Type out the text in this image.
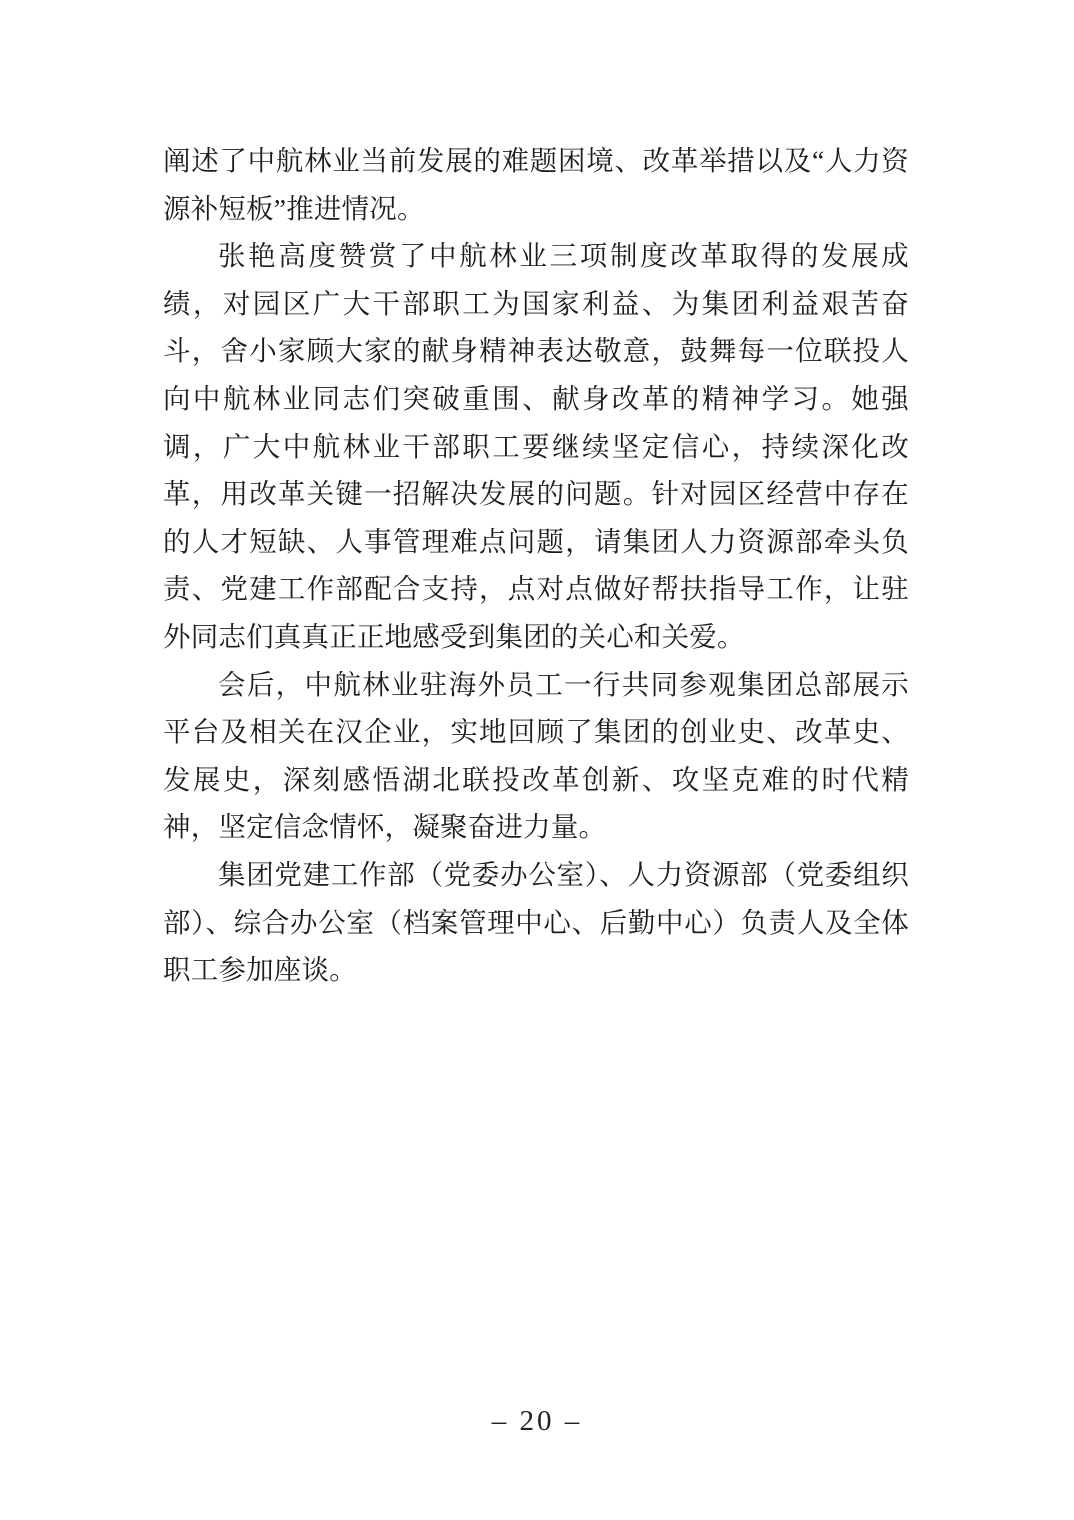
阐述了中航林业当前发展的难题困境、改革举措以及“人力资源补短板”推进情况。

张艳高度赞赏了中航林业三项制度改革取得的发展成绩，对园区广大干部职工为国家利益、为集团利益艰苦奋斗，舍小家顾大家的献身精神表达敬意，鼓舞每一位联投人向中航林业同志们突破重围、献身改革的精神学习。她强调，广大中航林业干部职工要继续坚定信心，持续深化改革，用改革关键一招解决发展的问题。针对园区经营中存在的人才短缺、人事管理难点问题，请集团人力资源部牵头负责、党建工作部配合支持，点对点做好帮扶指导工作，让驻外同志们真真正正地感受到集团的关心和关爱。

会后，中航林业驻海外员工一行共同参观集团总部展示平台及相关在汉企业，实地回顾了集团的创业史、改革史、发展史，深刻感悟湖北联投改革创新、攻坚克难的时代精神，坚定信念情怀，凝聚奋进力量。

集团党建工作部（党委办公室）、人力资源部（党委组织部）、综合办公室（档案管理中心、后勤中心）负责人及全体职工参加座谈。

– 20 –
